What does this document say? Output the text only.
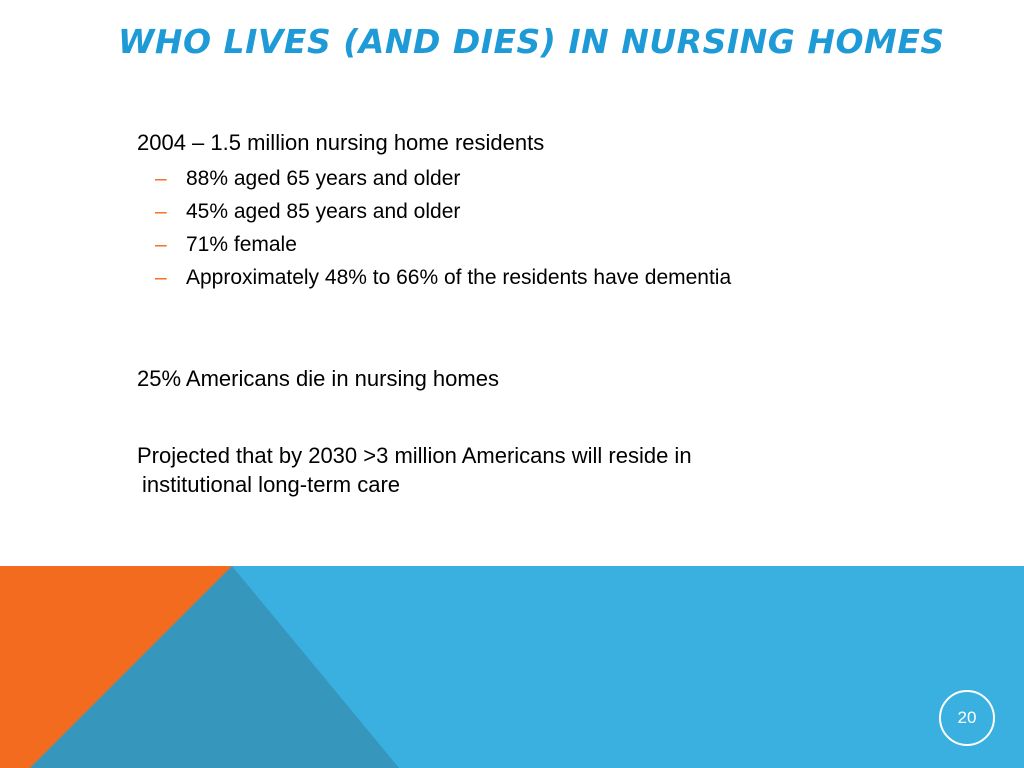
WHO LIVES (AND DIES) IN NURSING HOMES

2004 – 1.5 million nursing home residents

– 88% aged 65 years and older
– 45% aged 85 years and older
– 71% female
– Approximately 48% to 66% of the residents have dementia

25% Americans die in nursing homes

Projected that by 2030 >3 million Americans will reside in
institutional long-term care

20
